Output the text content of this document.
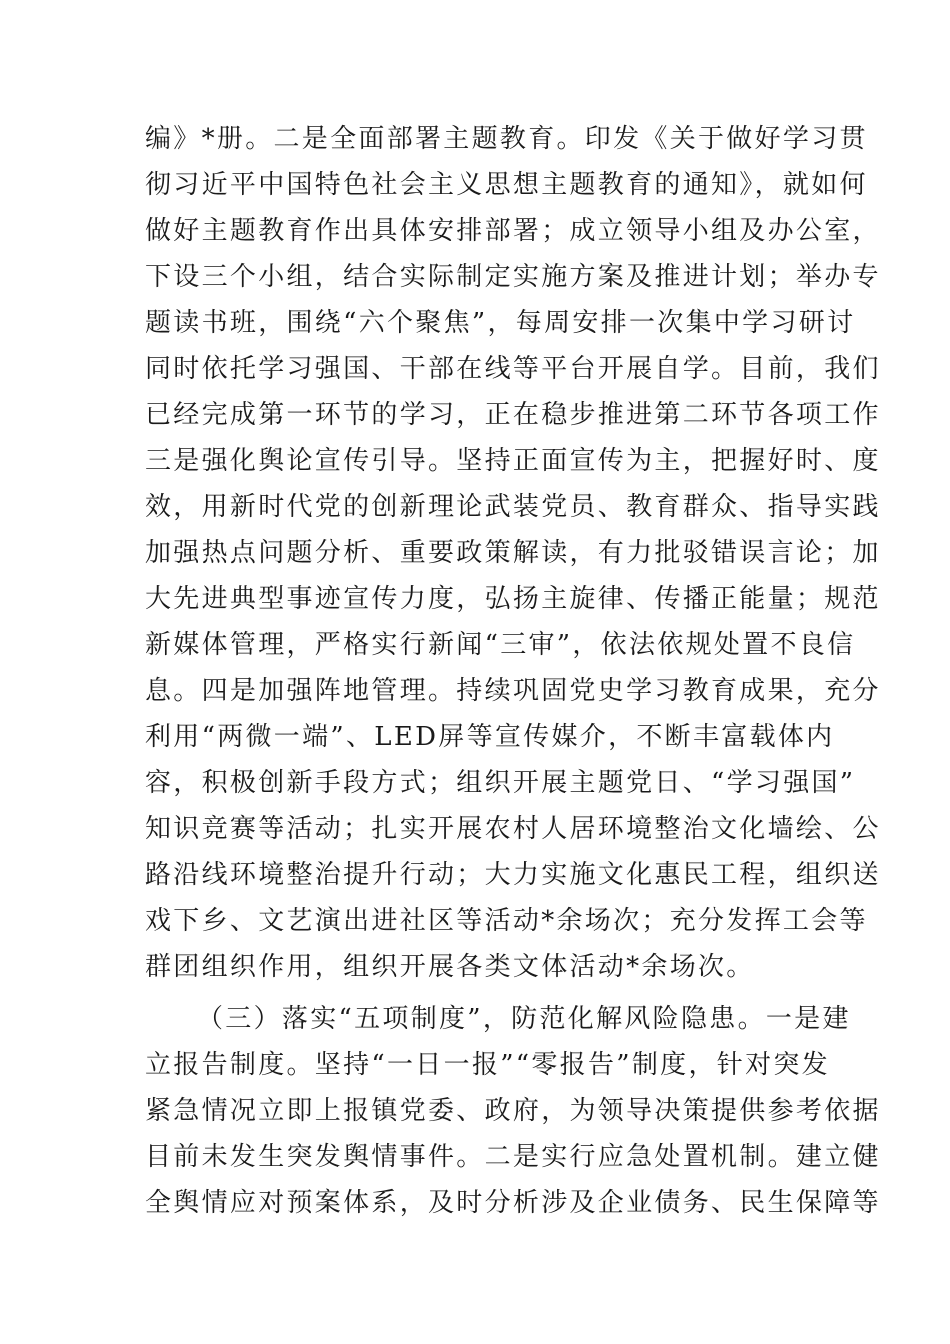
编》*册。二是全面部署主题教育。印发《关于做好学习贯
彻习近平中国特色社会主义思想主题教育的通知》，就如何
做好主题教育作出具体安排部署；成立领导小组及办公室，
下设三个小组，结合实际制定实施方案及推进计划；举办专
题读书班，围绕“六个聚焦”，每周安排一次集中学习研讨
同时依托学习强国、干部在线等平台开展自学。目前，我们
已经完成第一环节的学习，正在稳步推进第二环节各项工作
三是强化舆论宣传引导。坚持正面宣传为主，把握好时、度
效，用新时代党的创新理论武装党员、教育群众、指导实践
加强热点问题分析、重要政策解读，有力批驳错误言论；加
大先进典型事迹宣传力度，弘扬主旋律、传播正能量；规范
新媒体管理，严格实行新闻“三审”，依法依规处置不良信
息。四是加强阵地管理。持续巩固党史学习教育成果，充分
利用“两微一端”、LED屏等宣传媒介，不断丰富载体内
容，积极创新手段方式；组织开展主题党日、“学习强国”
知识竞赛等活动；扎实开展农村人居环境整治文化墙绘、公
路沿线环境整治提升行动；大力实施文化惠民工程，组织送
戏下乡、文艺演出进社区等活动*余场次；充分发挥工会等
群团组织作用，组织开展各类文体活动*余场次。
（三）落实“五项制度”，防范化解风险隐患。一是建
立报告制度。坚持“一日一报”“零报告”制度，针对突发
紧急情况立即上报镇党委、政府，为领导决策提供参考依据
目前未发生突发舆情事件。二是实行应急处置机制。建立健
全舆情应对预案体系，及时分析涉及企业债务、民生保障等
